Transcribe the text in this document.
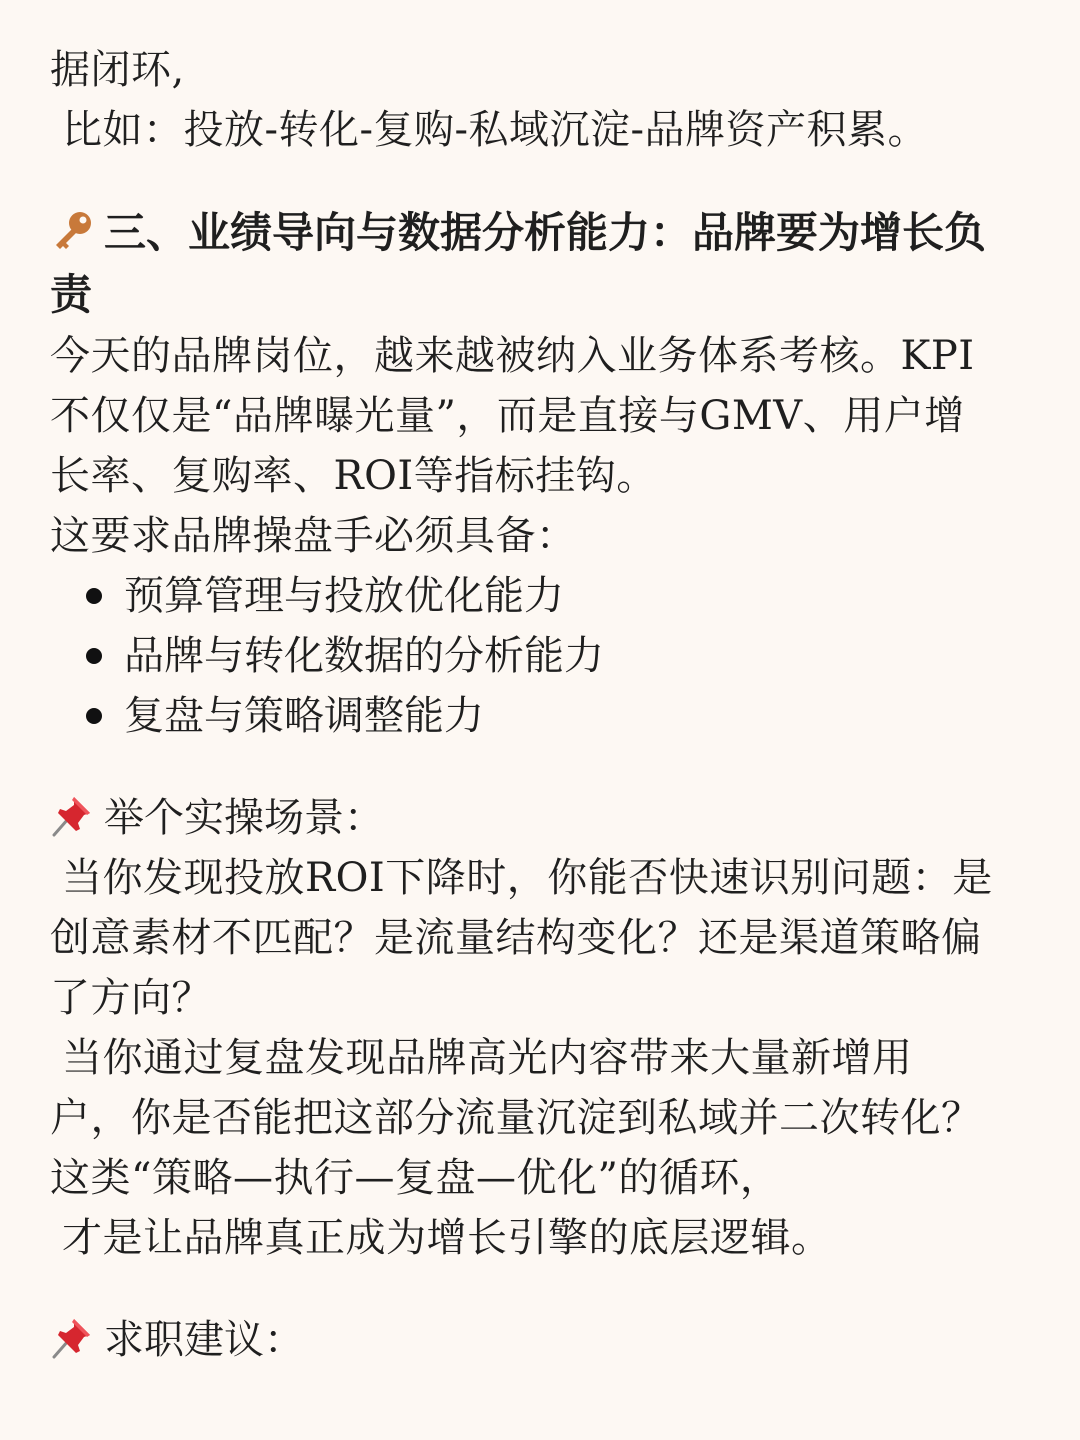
据闭环,
比如：投放-转化-复购-私域沉淀-品牌资产积累。
三、业绩导向与数据分析能力：品牌要为增长负
责
今天的品牌岗位，越来越被纳入业务体系考核。KPI
不仅仅是“品牌曝光量”，而是直接与GMV、用户增
长率、复购率、ROI等指标挂钩。
这要求品牌操盘手必须具备：
预算管理与投放优化能力
品牌与转化数据的分析能力
复盘与策略调整能力
举个实操场景：
当你发现投放ROI下降时，你能否快速识别问题：是
创意素材不匹配？是流量结构变化？还是渠道策略偏
了方向？
当你通过复盘发现品牌高光内容带来大量新增用
户，你是否能把这部分流量沉淀到私域并二次转化？
这类“策略—执行—复盘—优化”的循环，
才是让品牌真正成为增长引擎的底层逻辑。
求职建议：
